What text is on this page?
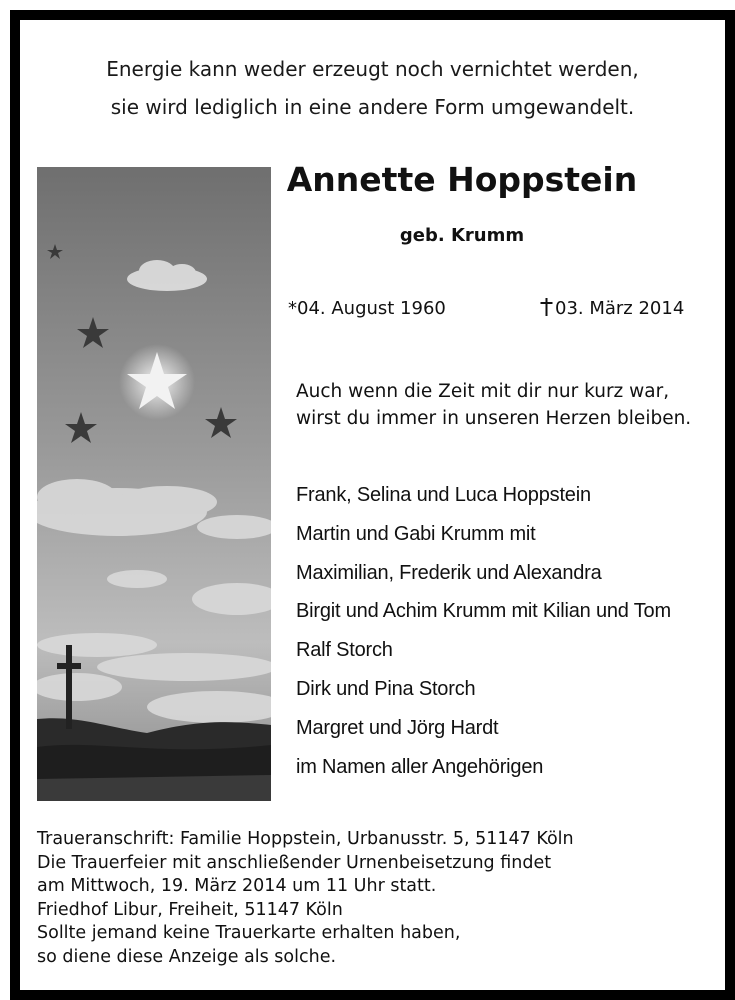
Energie kann weder erzeugt noch vernichtet werden,
sie wird lediglich in eine andere Form umgewandelt.
Annette Hoppstein
geb. Krumm
*04. August 1960	03. März 2014
Auch wenn die Zeit mit dir nur kurz war,
wirst du immer in unseren Herzen bleiben.
Frank, Selina und Luca Hoppstein
Martin und Gabi Krumm mit
Maximilian, Frederik und Alexandra
Birgit und Achim Krumm mit Kilian und Tom
Ralf Storch
Dirk und Pina Storch
Margret und Jörg Hardt
im Namen aller Angehörigen
Traueranschrift: Familie Hoppstein, Urbanusstr. 5, 51147 Köln
Die Trauerfeier mit anschließender Urnenbeisetzung findet
am Mittwoch, 19. März 2014 um 11 Uhr statt.
Friedhof Libur, Freiheit, 51147 Köln
Sollte jemand keine Trauerkarte erhalten haben,
so diene diese Anzeige als solche.
